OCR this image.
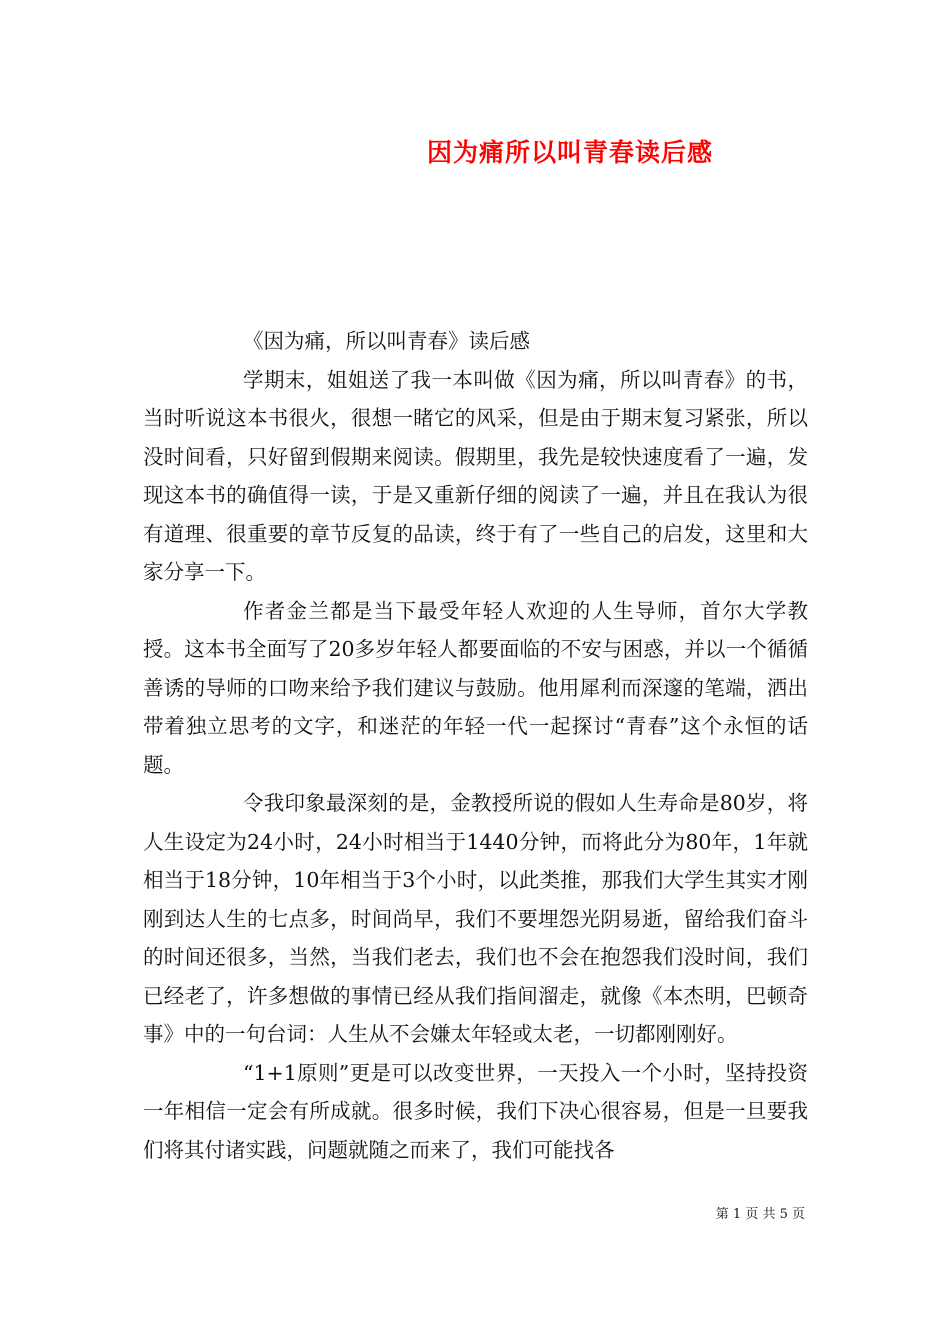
因为痛所以叫青春读后感

《因为痛，所以叫青春》读后感

学期末，姐姐送了我一本叫做《因为痛，所以叫青春》的书，当时听说这本书很火，很想一睹它的风采，但是由于期末复习紧张，所以没时间看，只好留到假期来阅读。假期里，我先是较快速度看了一遍，发现这本书的确值得一读，于是又重新仔细的阅读了一遍，并且在我认为很有道理、很重要的章节反复的品读，终于有了一些自己的启发，这里和大家分享一下。

作者金兰都是当下最受年轻人欢迎的人生导师，首尔大学教授。这本书全面写了20多岁年轻人都要面临的不安与困惑，并以一个循循善诱的导师的口吻来给予我们建议与鼓励。他用犀利而深邃的笔端，洒出带着独立思考的文字，和迷茫的年轻一代一起探讨“青春”这个永恒的话题。

令我印象最深刻的是，金教授所说的假如人生寿命是80岁，将人生设定为24小时，24小时相当于1440分钟，而将此分为80年，1年就相当于18分钟，10年相当于3个小时，以此类推，那我们大学生其实才刚刚到达人生的七点多，时间尚早，我们不要埋怨光阴易逝，留给我们奋斗的时间还很多，当然，当我们老去，我们也不会在抱怨我们没时间，我们已经老了，许多想做的事情已经从我们指间溜走，就像《本杰明，巴顿奇事》中的一句台词：人生从不会嫌太年轻或太老，一切都刚刚好。

“1+1原则”更是可以改变世界，一天投入一个小时，坚持投资一年相信一定会有所成就。很多时候，我们下决心很容易，但是一旦要我们将其付诸实践，问题就随之而来了，我们可能找各

第 1 页 共 5 页
